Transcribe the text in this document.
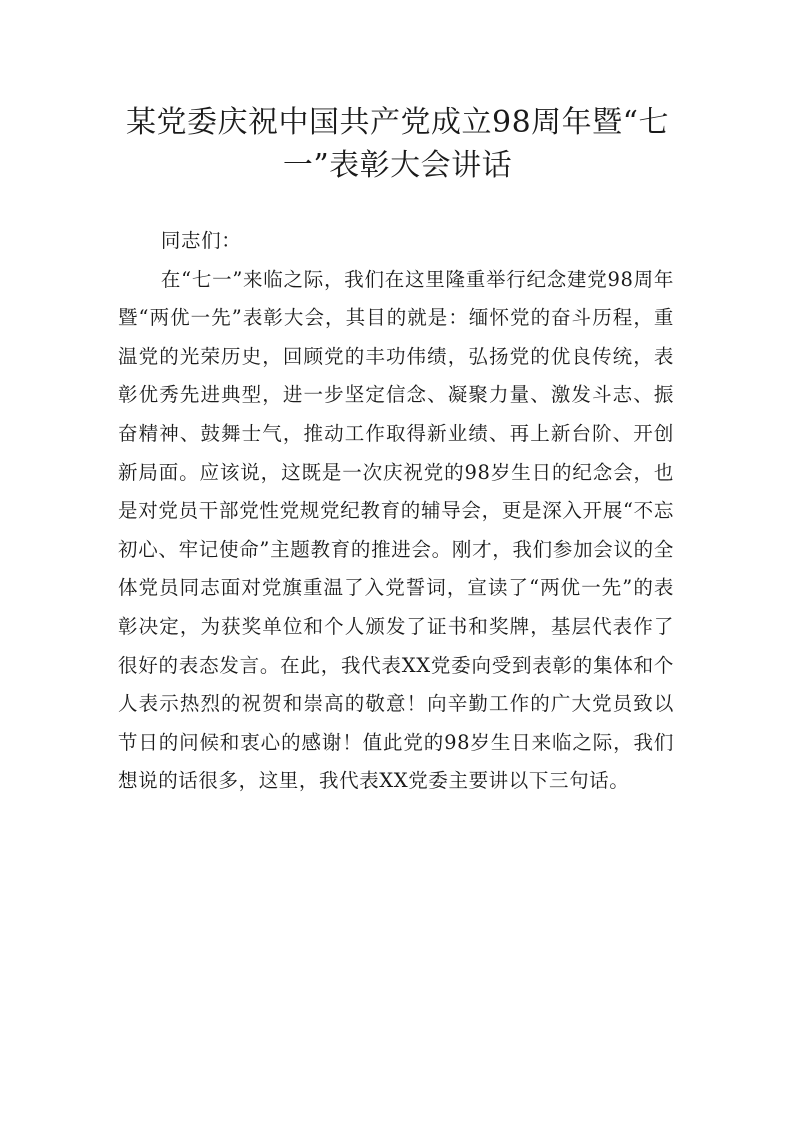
某党委庆祝中国共产党成立98周年暨“七一”表彰大会讲话

同志们：

在“七一”来临之际，我们在这里隆重举行纪念建党98周年暨“两优一先”表彰大会，其目的就是：缅怀党的奋斗历程，重温党的光荣历史，回顾党的丰功伟绩，弘扬党的优良传统，表彰优秀先进典型，进一步坚定信念、凝聚力量、激发斗志、振奋精神、鼓舞士气，推动工作取得新业绩、再上新台阶、开创新局面。应该说，这既是一次庆祝党的98岁生日的纪念会，也是对党员干部党性党规党纪教育的辅导会，更是深入开展“不忘初心、牢记使命”主题教育的推进会。刚才，我们参加会议的全体党员同志面对党旗重温了入党誓词，宣读了“两优一先”的表彰决定，为获奖单位和个人颁发了证书和奖牌，基层代表作了很好的表态发言。在此，我代表XX党委向受到表彰的集体和个人表示热烈的祝贺和崇高的敬意！向辛勤工作的广大党员致以节日的问候和衷心的感谢！值此党的98岁生日来临之际，我们想说的话很多，这里，我代表XX党委主要讲以下三句话。
